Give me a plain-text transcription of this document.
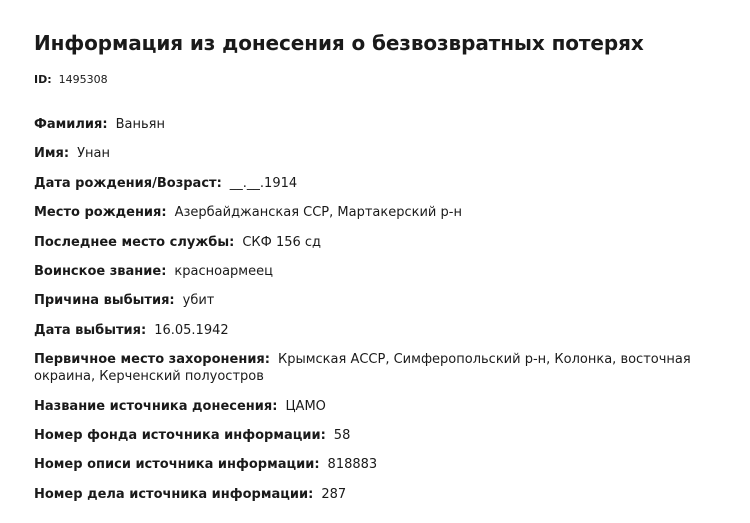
Информация из донесения о безвозвратных потерях
ID: 1495308
Фамилия: Ваньян
Имя: Унан
Дата рождения/Возраст: __.__.1914
Место рождения: Азербайджанская ССР, Мартакерский р-н
Последнее место службы: СКФ 156 сд
Воинское звание: красноармеец
Причина выбытия: убит
Дата выбытия: 16.05.1942
Первичное место захоронения: Крымская АССР, Симферопольский р-н, Колонка, восточная окраина, Керченский полуостров
Название источника донесения: ЦАМО
Номер фонда источника информации: 58
Номер описи источника информации: 818883
Номер дела источника информации: 287
